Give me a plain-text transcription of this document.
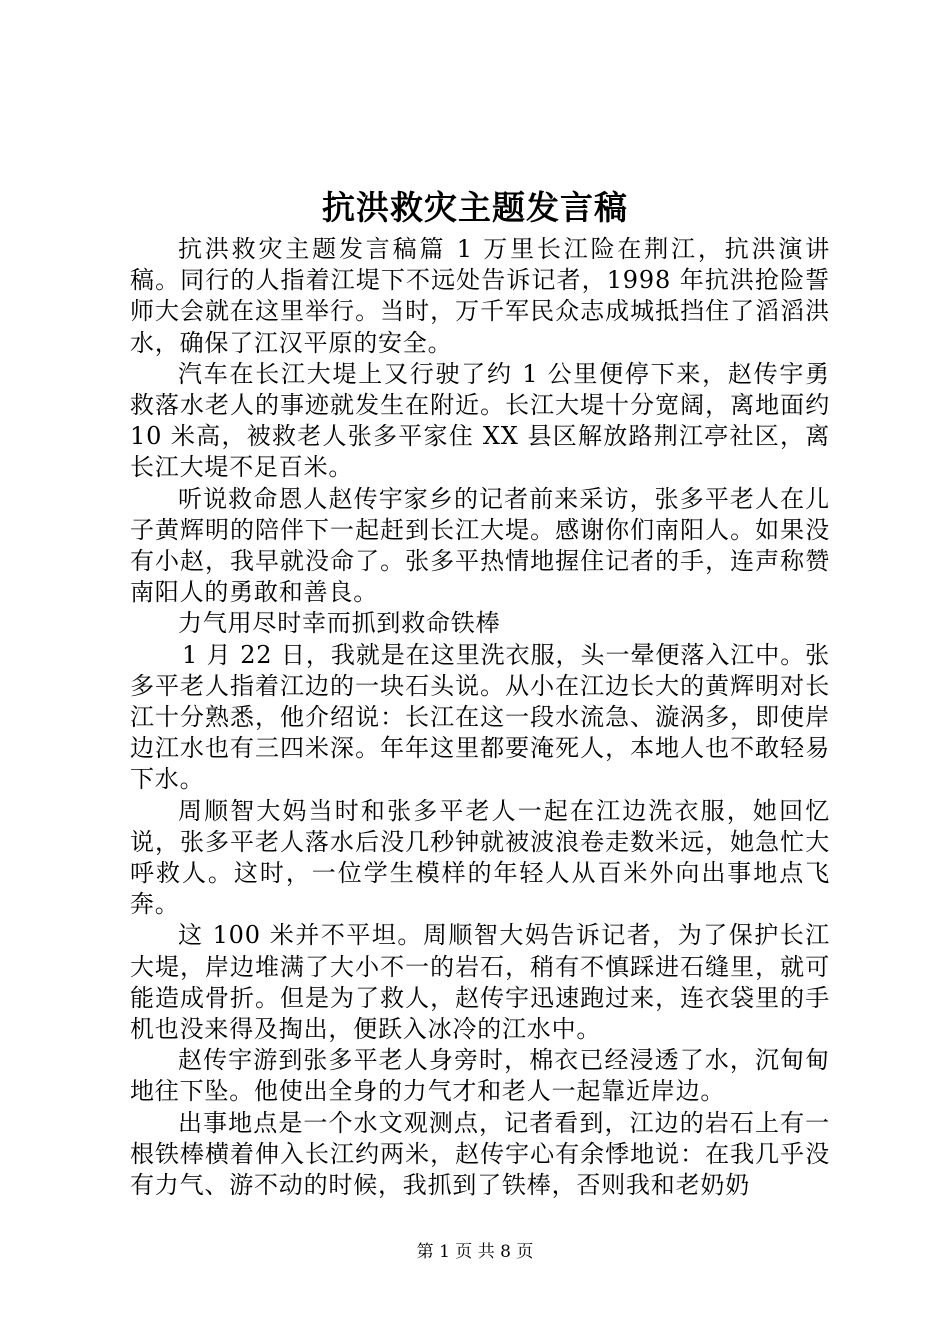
抗洪救灾主题发言稿

抗洪救灾主题发言稿篇 1 万里长江险在荆江，抗洪演讲稿。同行的人指着江堤下不远处告诉记者，1998 年抗洪抢险誓师大会就在这里举行。当时，万千军民众志成城抵挡住了滔滔洪水，确保了江汉平原的安全。

汽车在长江大堤上又行驶了约 1 公里便停下来，赵传宇勇救落水老人的事迹就发生在附近。长江大堤十分宽阔，离地面约 10 米高，被救老人张多平家住 XX 县区解放路荆江亭社区，离长江大堤不足百米。

听说救命恩人赵传宇家乡的记者前来采访，张多平老人在儿子黄辉明的陪伴下一起赶到长江大堤。感谢你们南阳人。如果没有小赵，我早就没命了。张多平热情地握住记者的手，连声称赞南阳人的勇敢和善良。

力气用尽时幸而抓到救命铁棒

1 月 22 日，我就是在这里洗衣服，头一晕便落入江中。张多平老人指着江边的一块石头说。从小在江边长大的黄辉明对长江十分熟悉，他介绍说：长江在这一段水流急、漩涡多，即使岸边江水也有三四米深。年年这里都要淹死人，本地人也不敢轻易下水。

周顺智大妈当时和张多平老人一起在江边洗衣服，她回忆说，张多平老人落水后没几秒钟就被波浪卷走数米远，她急忙大呼救人。这时，一位学生模样的年轻人从百米外向出事地点飞奔。

这 100 米并不平坦。周顺智大妈告诉记者，为了保护长江大堤，岸边堆满了大小不一的岩石，稍有不慎踩进石缝里，就可能造成骨折。但是为了救人，赵传宇迅速跑过来，连衣袋里的手机也没来得及掏出，便跃入冰冷的江水中。

赵传宇游到张多平老人身旁时，棉衣已经浸透了水，沉甸甸地往下坠。他使出全身的力气才和老人一起靠近岸边。

出事地点是一个水文观测点，记者看到，江边的岩石上有一根铁棒横着伸入长江约两米，赵传宇心有余悸地说：在我几乎没有力气、游不动的时候，我抓到了铁棒，否则我和老奶奶

第 1 页 共 8 页
